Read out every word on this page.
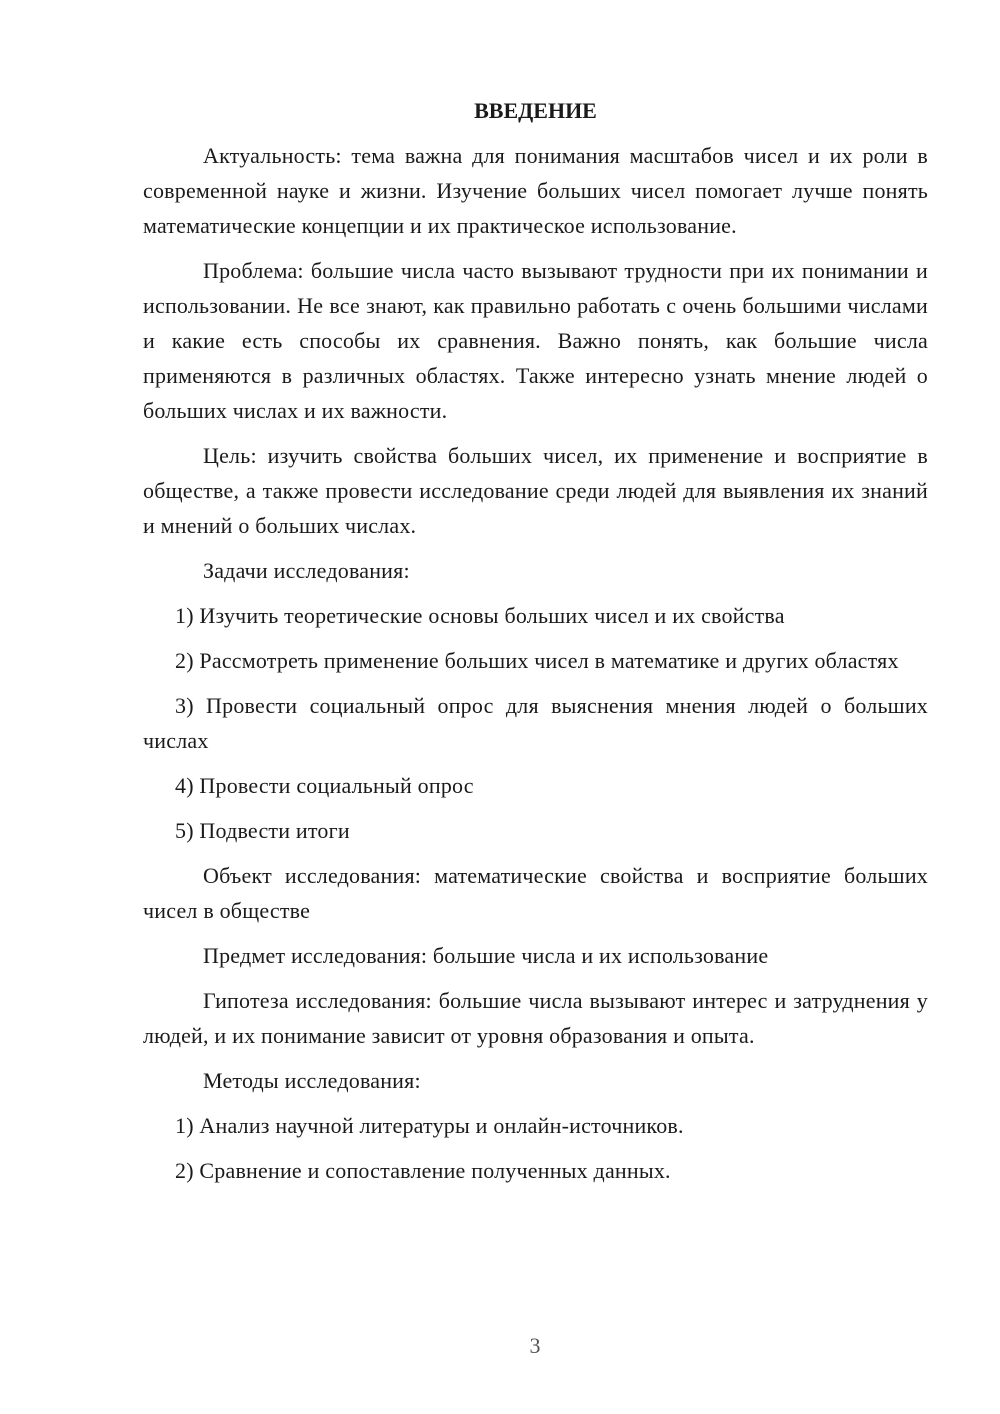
ВВЕДЕНИЕ

Актуальность: тема важна для понимания масштабов чисел и их роли в современной науке и жизни. Изучение больших чисел помогает лучше понять математические концепции и их практическое использование.

Проблема: большие числа часто вызывают трудности при их понимании и использовании. Не все знают, как правильно работать с очень большими числами и какие есть способы их сравнения. Важно понять, как большие числа применяются в различных областях. Также интересно узнать мнение людей о больших числах и их важности.

Цель: изучить свойства больших чисел, их применение и восприятие в обществе, а также провести исследование среди людей для выявления их знаний и мнений о больших числах.

Задачи исследования:

1) Изучить теоретические основы больших чисел и их свойства

2) Рассмотреть применение больших чисел в математике и других областях

3) Провести социальный опрос для выяснения мнения людей о больших числах

4) Провести социальный опрос

5) Подвести итоги

Объект исследования: математические свойства и восприятие больших чисел в обществе

Предмет исследования: большие числа и их использование

Гипотеза исследования: большие числа вызывают интерес и затруднения у людей, и их понимание зависит от уровня образования и опыта.

Методы исследования:

1) Анализ научной литературы и онлайн-источников.

2) Сравнение и сопоставление полученных данных.

3
